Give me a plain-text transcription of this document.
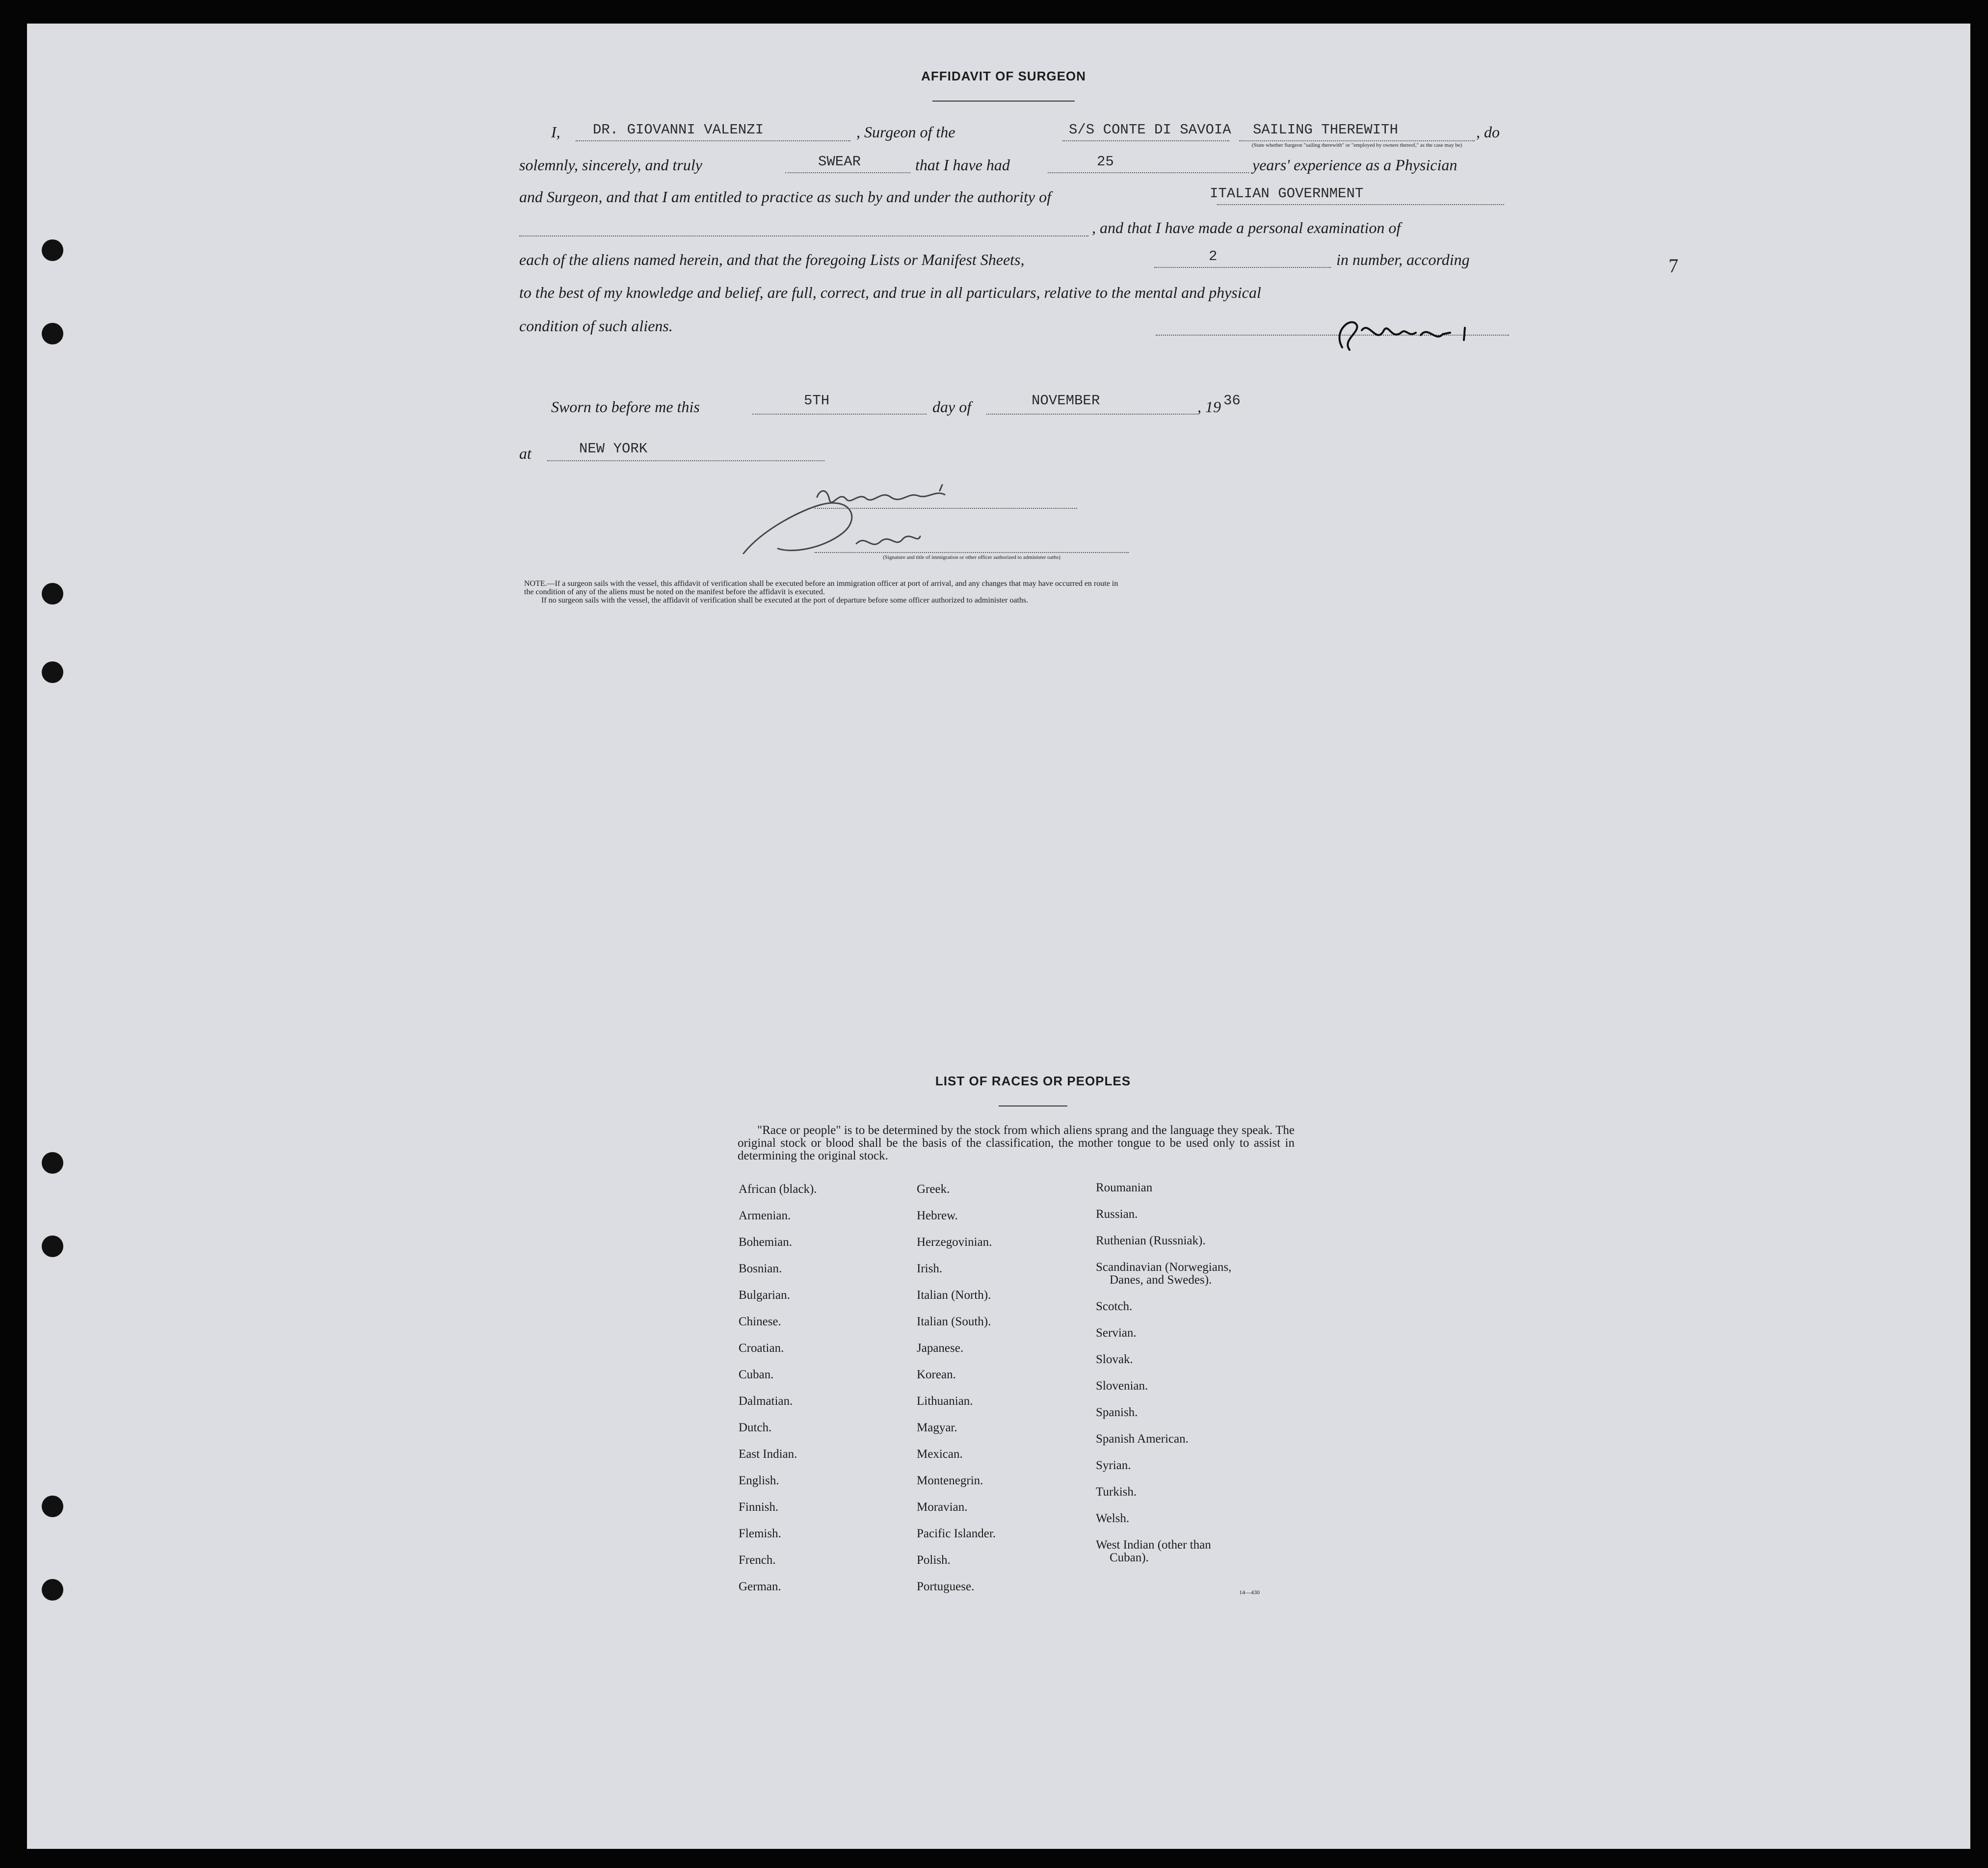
7
AFFIDAVIT OF SURGEON
I, DR. GIOVANNI VALENZI	, Surgeon of the	S/S CONTE DI SAVOIA SAILING THEREWITH
(State whether Surgeon "sailing therewith" or "employed by owners thereof," as the case may be)
, do
solemnly, sincerely, and truly	SWEAR	that I have had	25	years' experience as a Physician
and Surgeon, and that I am entitled to practice as such by and under the authority of	ITALIAN GOVERNMENT
, and that I have made a personal examination of
each of the aliens named herein, and that the foregoing Lists or Manifest Sheets,	2	in number, according
to the best of my knowledge and belief, are full, correct, and true in all particulars, relative to the mental and physical
condition of such aliens.
Sworn to before me this	5TH	day of	NOVEMBER	, 19 36
at	NEW YORK
(Signature and title of immigration or other officer authorized to administer oaths)
NOTE.—If a surgeon sails with the vessel, this affidavit of verification shall be executed before an immigration officer at port of arrival, and any changes that may have occurred en route in
the condition of any of the aliens must be noted on the manifest before the affidavit is executed.
If no surgeon sails with the vessel, the affidavit of verification shall be executed at the port of departure before some officer authorized to administer oaths.
LIST OF RACES OR PEOPLES
"Race or people" is to be determined by the stock from which aliens sprang and the language they speak. The original stock or blood shall be the basis of the classification, the mother tongue to be used only to assist in determining the original stock.
African (black).
Armenian.
Bohemian.
Bosnian.
Bulgarian.
Chinese.
Croatian.
Cuban.
Dalmatian.
Dutch.
East Indian.
English.
Finnish.
Flemish.
French.
German.
Greek.
Hebrew.
Herzegovinian.
Irish.
Italian (North).
Italian (South).
Japanese.
Korean.
Lithuanian.
Magyar.
Mexican.
Montenegrin.
Moravian.
Pacific Islander.
Polish.
Portuguese.
Roumanian
Russian.
Ruthenian (Russniak).
Scandinavian (Norwegians,
Danes, and Swedes).
Scotch.
Servian.
Slovak.
Slovenian.
Spanish.
Spanish American.
Syrian.
Turkish.
Welsh.
West Indian (other than
Cuban).
14—430
